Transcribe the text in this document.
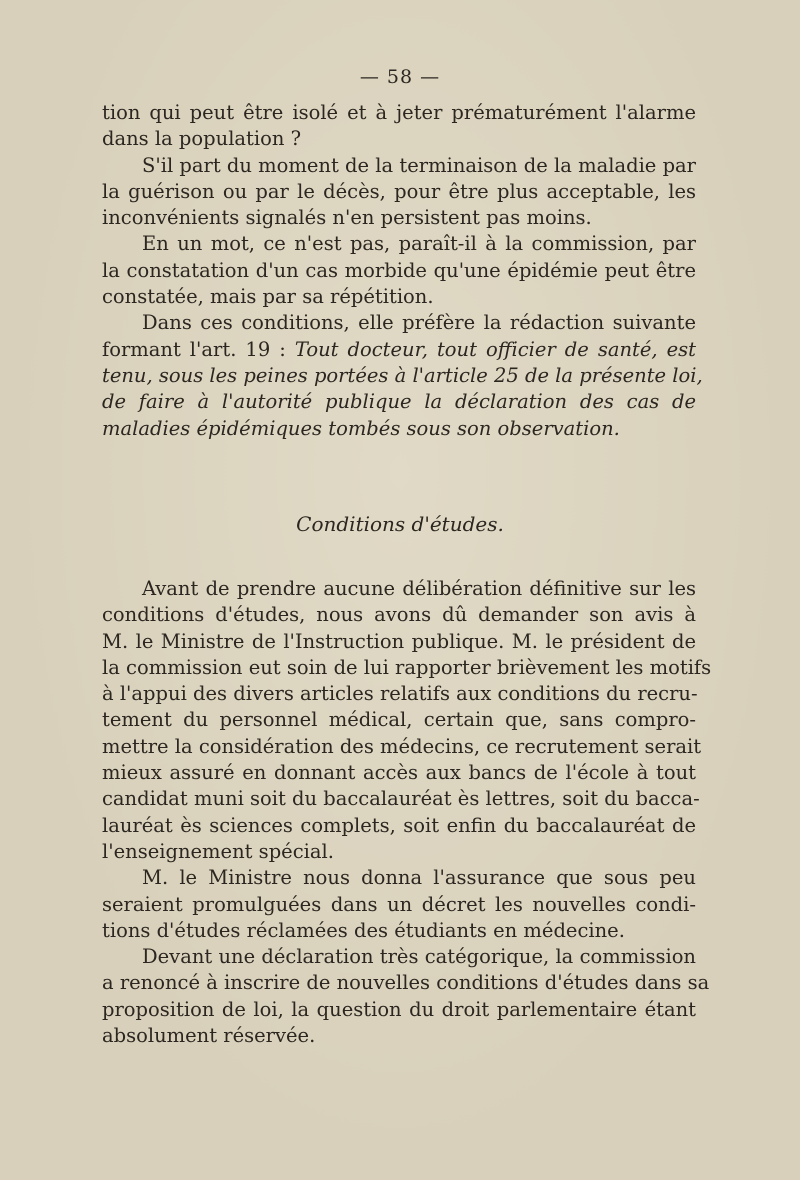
— 58 —
tion qui peut être isolé et à jeter prématurément l'alarme
dans la population ?
S'il part du moment de la terminaison de la maladie par
la guérison ou par le décès, pour être plus acceptable, les
inconvénients signalés n'en persistent pas moins.
En un mot, ce n'est pas, paraît-il à la commission, par
la constatation d'un cas morbide qu'une épidémie peut être
constatée, mais par sa répétition.
Dans ces conditions, elle préfère la rédaction suivante
formant l'art. 19 : Tout docteur, tout officier de santé, est
tenu, sous les peines portées à l'article 25 de la présente loi,
de faire à l'autorité publique la déclaration des cas de
maladies épidémiques tombés sous son observation.
Conditions d'études.
Avant de prendre aucune délibération définitive sur les
conditions d'études, nous avons dû demander son avis à
M. le Ministre de l'Instruction publique. M. le président de
la commission eut soin de lui rapporter brièvement les motifs
à l'appui des divers articles relatifs aux conditions du recru-
tement du personnel médical, certain que, sans compro-
mettre la considération des médecins, ce recrutement serait
mieux assuré en donnant accès aux bancs de l'école à tout
candidat muni soit du baccalauréat ès lettres, soit du bacca-
lauréat ès sciences complets, soit enfin du baccalauréat de
l'enseignement spécial.
M. le Ministre nous donna l'assurance que sous peu
seraient promulguées dans un décret les nouvelles condi-
tions d'études réclamées des étudiants en médecine.
Devant une déclaration très catégorique, la commission
a renoncé à inscrire de nouvelles conditions d'études dans sa
proposition de loi, la question du droit parlementaire étant
absolument réservée.
